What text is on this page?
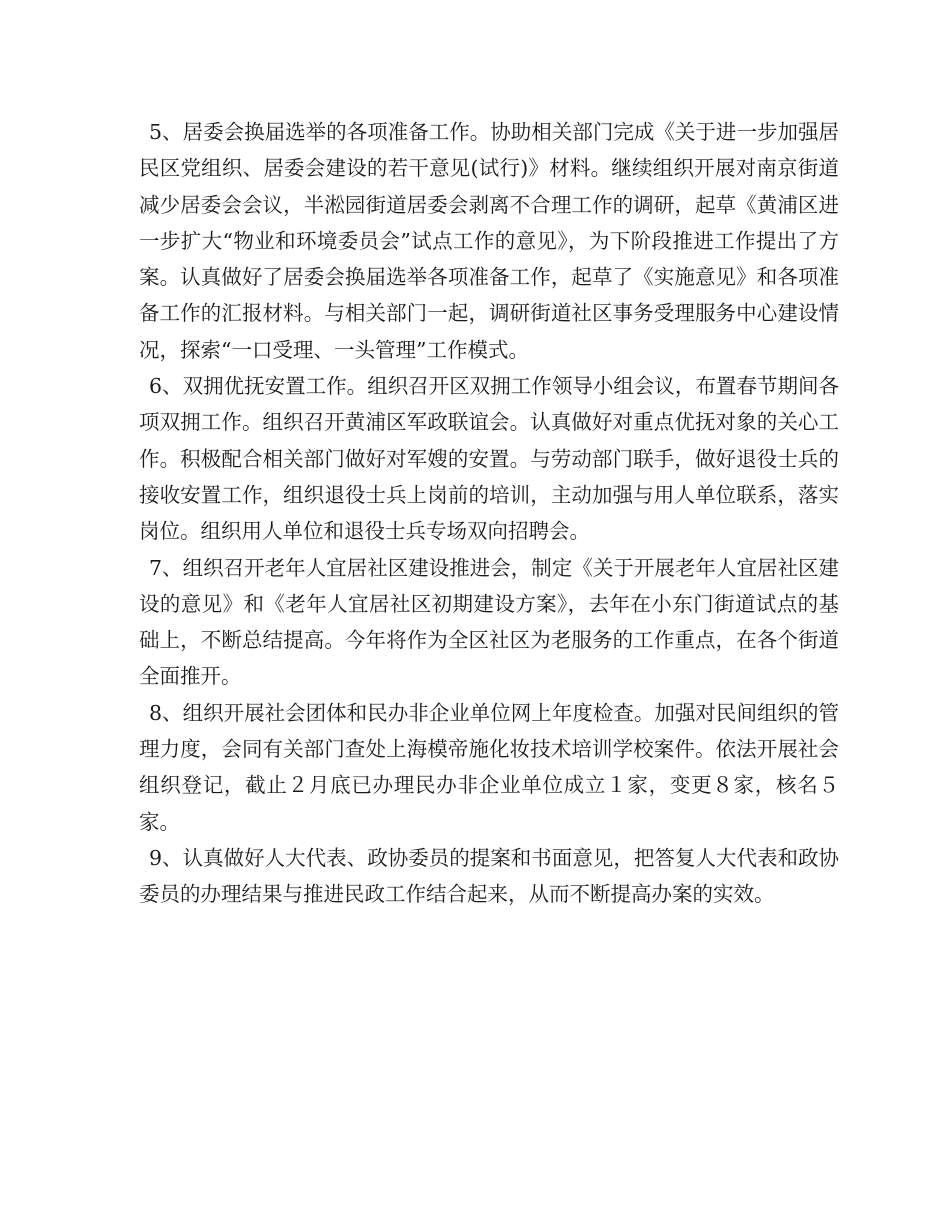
5、居委会换届选举的各项准备工作。协助相关部门完成《关于进一步加强居民区党组织、居委会建设的若干意见(试行)》材料。继续组织开展对南京街道减少居委会会议，半淞园街道居委会剥离不合理工作的调研，起草《黄浦区进一步扩大“物业和环境委员会”试点工作的意见》，为下阶段推进工作提出了方案。认真做好了居委会换届选举各项准备工作，起草了《实施意见》和各项准备工作的汇报材料。与相关部门一起，调研街道社区事务受理服务中心建设情况，探索“一口受理、一头管理”工作模式。

6、双拥优抚安置工作。组织召开区双拥工作领导小组会议，布置春节期间各项双拥工作。组织召开黄浦区军政联谊会。认真做好对重点优抚对象的关心工作。积极配合相关部门做好对军嫂的安置。与劳动部门联手，做好退役士兵的接收安置工作，组织退役士兵上岗前的培训，主动加强与用人单位联系，落实岗位。组织用人单位和退役士兵专场双向招聘会。

7、组织召开老年人宜居社区建设推进会，制定《关于开展老年人宜居社区建设的意见》和《老年人宜居社区初期建设方案》，去年在小东门街道试点的基础上，不断总结提高。今年将作为全区社区为老服务的工作重点，在各个街道全面推开。

8、组织开展社会团体和民办非企业单位网上年度检查。加强对民间组织的管理力度，会同有关部门查处上海模帝施化妆技术培训学校案件。依法开展社会组织登记，截止２月底已办理民办非企业单位成立１家，变更８家，核名５家。

9、认真做好人大代表、政协委员的提案和书面意见，把答复人大代表和政协委员的办理结果与推进民政工作结合起来，从而不断提高办案的实效。
